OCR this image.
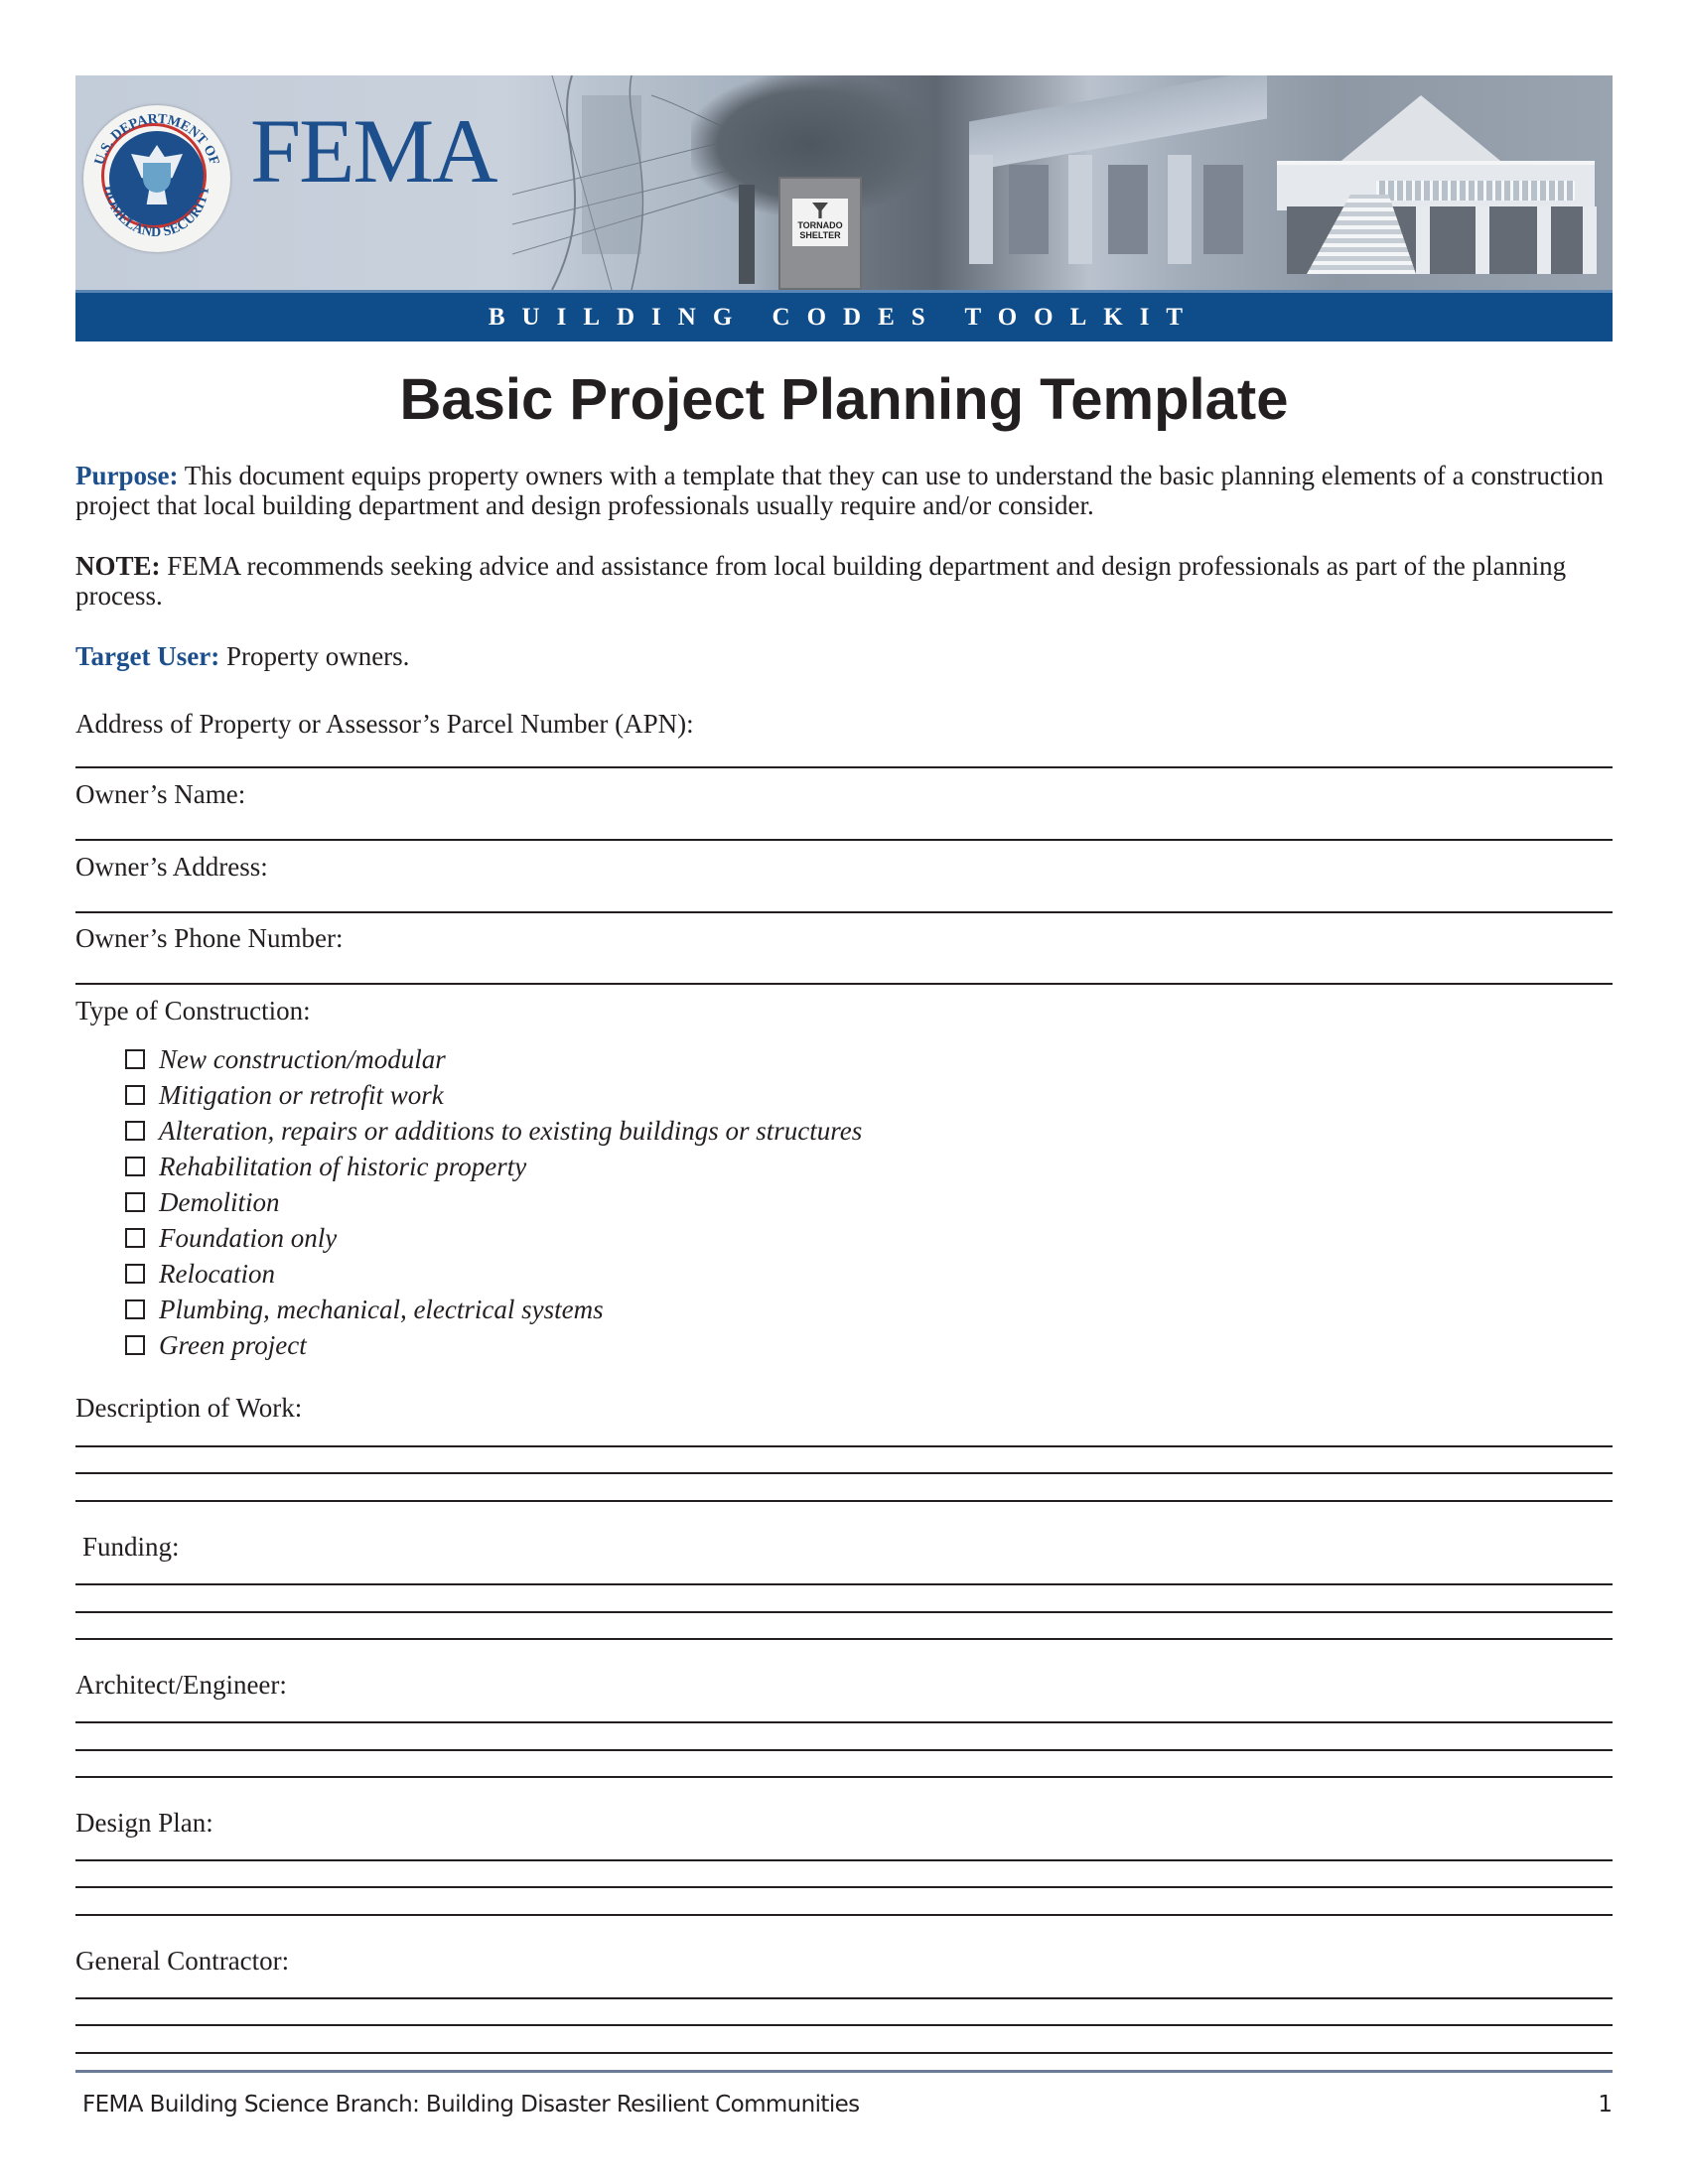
U.S. DEPARTMENT OF
HOMELAND SECURITY FEMA
TORNADO SHELTER
BUILDING CODES TOOLKIT
Basic Project Planning Template
Purpose: This document equips property owners with a template that they can use to understand the basic planning elements of a construction project that local building department and design professionals usually require and/or consider.
NOTE: FEMA recommends seeking advice and assistance from local building department and design professionals as part of the planning process.
Target User: Property owners.
Address of Property or Assessor’s Parcel Number (APN):
Owner’s Name:
Owner’s Address:
Owner’s Phone Number:
Type of Construction:
New construction/modular
Mitigation or retrofit work
Alteration, repairs or additions to existing buildings or structures
Rehabilitation of historic property
Demolition
Foundation only
Relocation
Plumbing, mechanical, electrical systems
Green project
Description of Work:
Funding:
Architect/Engineer:
Design Plan:
General Contractor:
FEMA Building Science Branch: Building Disaster Resilient Communities	1
